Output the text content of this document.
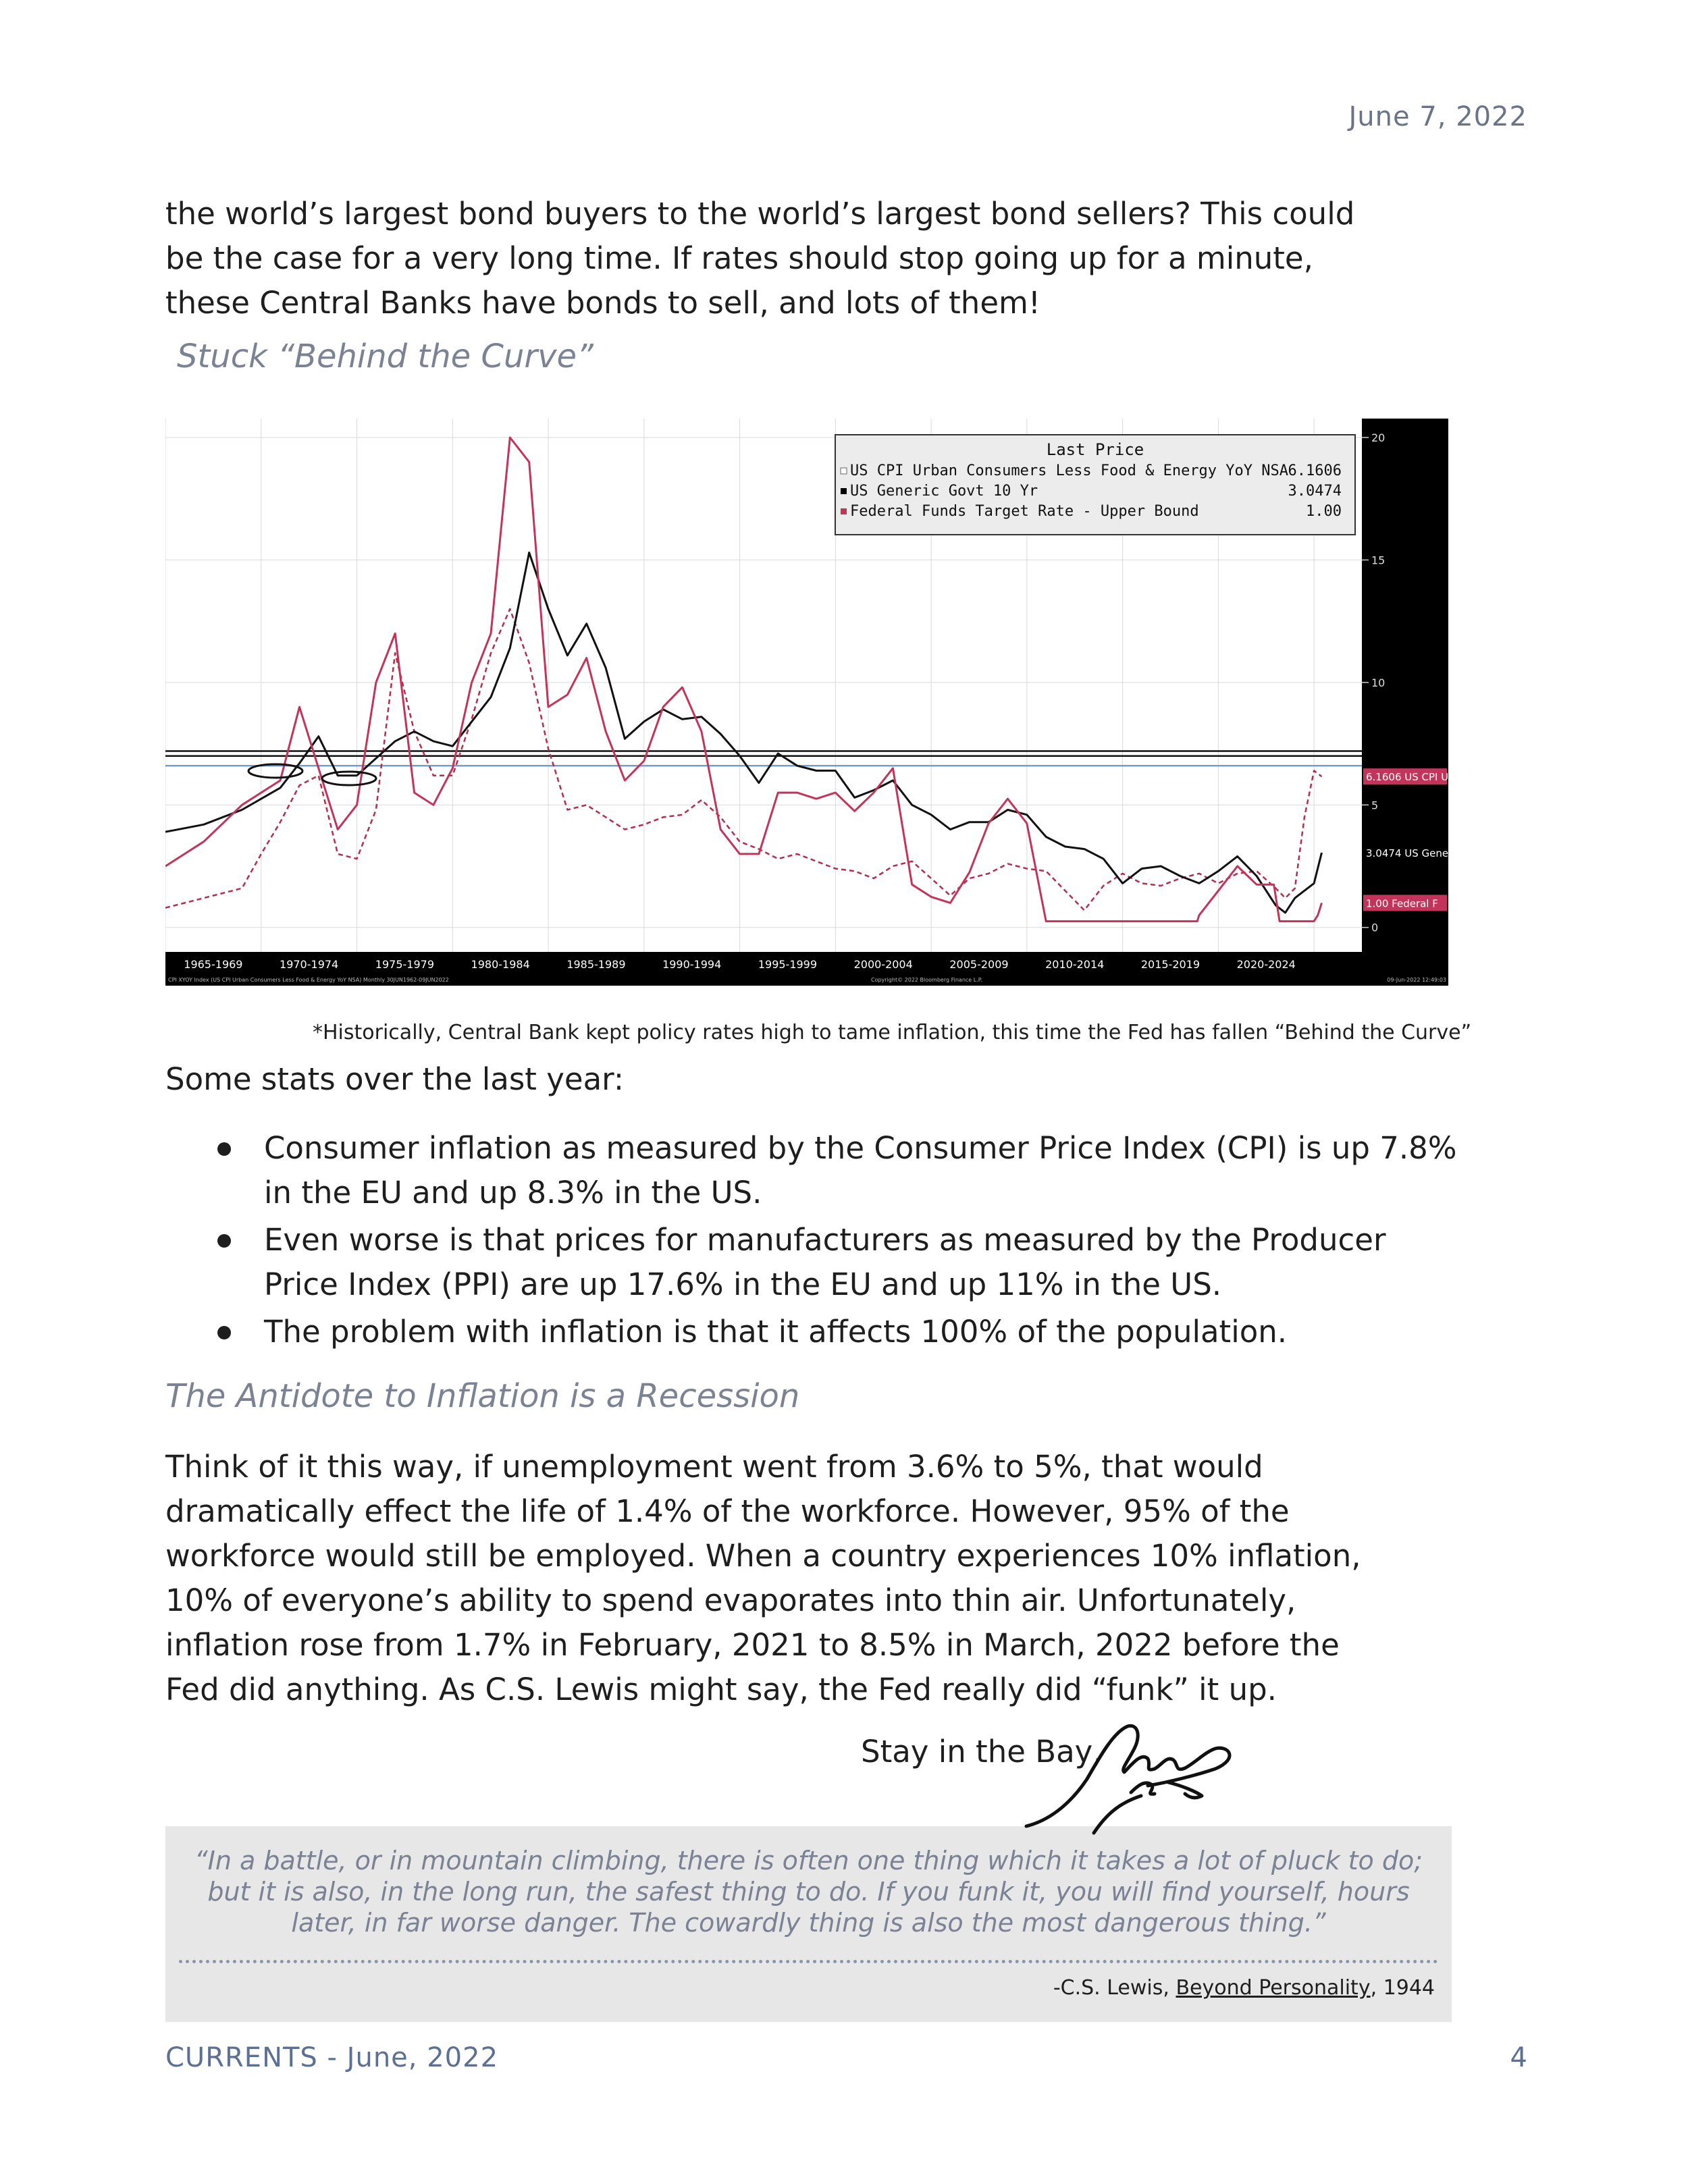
June 7, 2022

the world’s largest bond buyers to the world’s largest bond sellers? This could be the case for a very long time. If rates should stop going up for a minute, these Central Banks have bonds to sell, and lots of them!

Stuck “Behind the Curve”
0
5
10
15
20
6.1606 US CPI Ur
3.0474 US Generi
1.00 Federal F
1965-1969	1970-1974	1975-1979	1980-1984	1985-1989	1990-1994	1995-1999	2000-2004	2005-2009	2010-2014	2015-2019	2020-2024
CPI XYOY Index (US CPI Urban Consumers Less Food & Energy YoY NSA) Monthly 30JUN1962-09JUN2022	Copyright© 2022 Bloomberg Finance L.P.	09-Jun-2022 12:49:03
Last Price
US CPI Urban Consumers Less Food & Energy YoY NSA 6.1606
US Generic Govt 10 Yr	3.0474
Federal Funds Target Rate - Upper Bound	1.00
*Historically, Central Bank kept policy rates high to tame inflation, this time the Fed has fallen “Behind the Curve”
Some stats over the last year:
Consumer inflation as measured by the Consumer Price Index (CPI) is up 7.8% in the EU and up 8.3% in the US.
Even worse is that prices for manufacturers as measured by the Producer Price Index (PPI) are up 17.6% in the EU and up 11% in the US.
The problem with inflation is that it affects 100% of the population.
The Antidote to Inflation is a Recession

Think of it this way, if unemployment went from 3.6% to 5%, that would dramatically effect the life of 1.4% of the workforce. However, 95% of the workforce would still be employed. When a country experiences 10% inflation, 10% of everyone’s ability to spend evaporates into thin air. Unfortunately, inflation rose from 1.7% in February, 2021 to 8.5% in March, 2022 before the Fed did anything. As C.S. Lewis might say, the Fed really did “funk” it up.

Stay in the Bay,
“In a battle, or in mountain climbing, there is often one thing which it takes a lot of pluck to do; but it is also, in the long run, the safest thing to do. If you funk it, you will find yourself, hours later, in far worse danger. The cowardly thing is also the most dangerous thing.”
-C.S. Lewis, Beyond Personality, 1944
CURRENTS - June, 2022	4
